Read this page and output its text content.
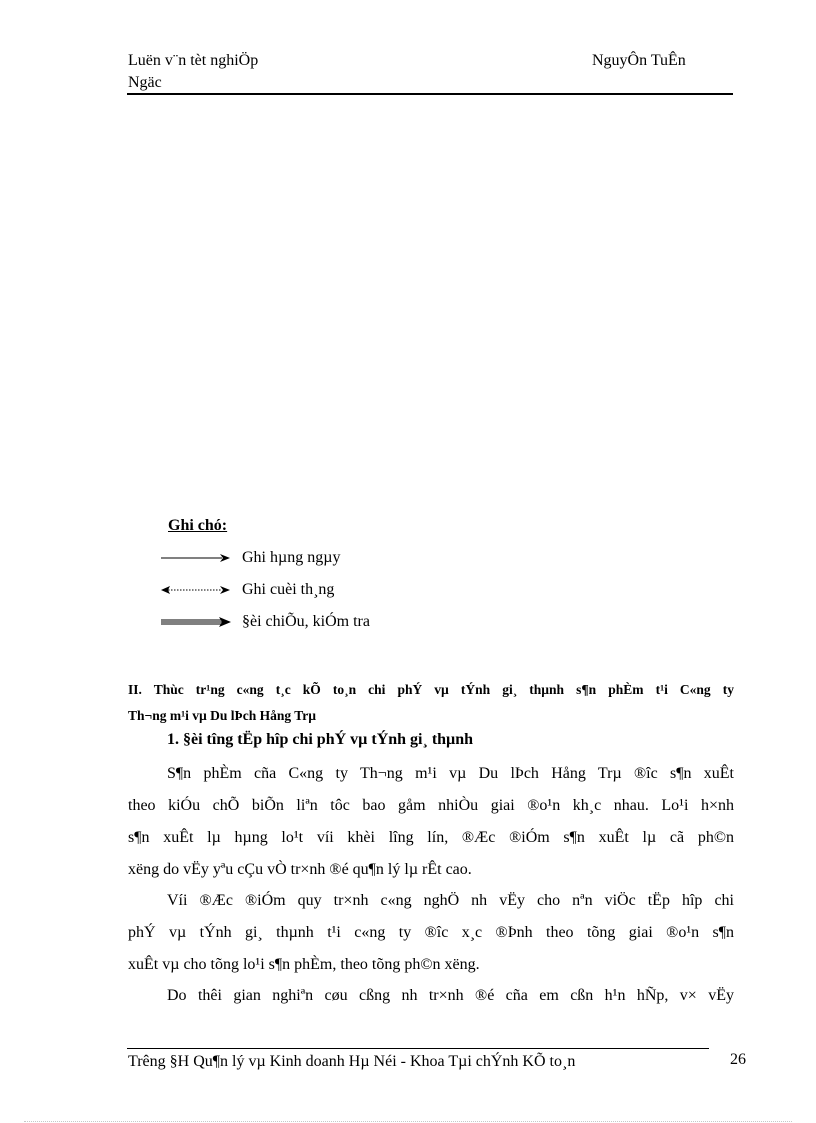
Luën v¨n tèt nghiÖp
Ngäc
NguyÔn TuÊn
Ghi chó:
Ghi hµng ngµy
Ghi cuèi th¸ng
§èi chiÕu, kiÓm tra
II. Thùc tr¹ng c«ng t¸c kÕ to¸n chi phÝ vµ tÝnh gi¸ thµnh s¶n phÈm t¹i C«ng ty
Th¬ng m¹i vµ Du lÞch Hång Trµ
1. §èi tîng tËp hîp chi phÝ vµ tÝnh gi¸ thµnh
S¶n phÈm cña C«ng ty Th¬ng m¹i vµ Du lÞch Hång Trµ ®îc s¶n xuÊt
theo kiÓu chÕ biÕn liªn tôc bao gåm nhiÒu giai ®o¹n kh¸c nhau. Lo¹i h×nh
s¶n xuÊt lµ hµng lo¹t víi khèi lîng lín, ®Æc ®iÓm s¶n xuÊt lµ cã ph©n
xëng do vËy yªu cÇu vÒ tr×nh ®é qu¶n lý lµ rÊt cao.
Víi ®Æc ®iÓm quy tr×nh c«ng nghÖ nh vËy cho nªn viÖc tËp hîp chi
phÝ vµ tÝnh gi¸ thµnh t¹i c«ng ty ®îc x¸c ®Þnh theo tõng giai ®o¹n s¶n
xuÊt vµ cho tõng lo¹i s¶n phÈm, theo tõng ph©n xëng.
Do thêi gian nghiªn cøu cßng nh tr×nh ®é cña em cßn h¹n hÑp, v× vËy
Trêng §H Qu¶n lý vµ Kinh doanh Hµ Néi - Khoa Tµi chÝnh KÕ to¸n	26
